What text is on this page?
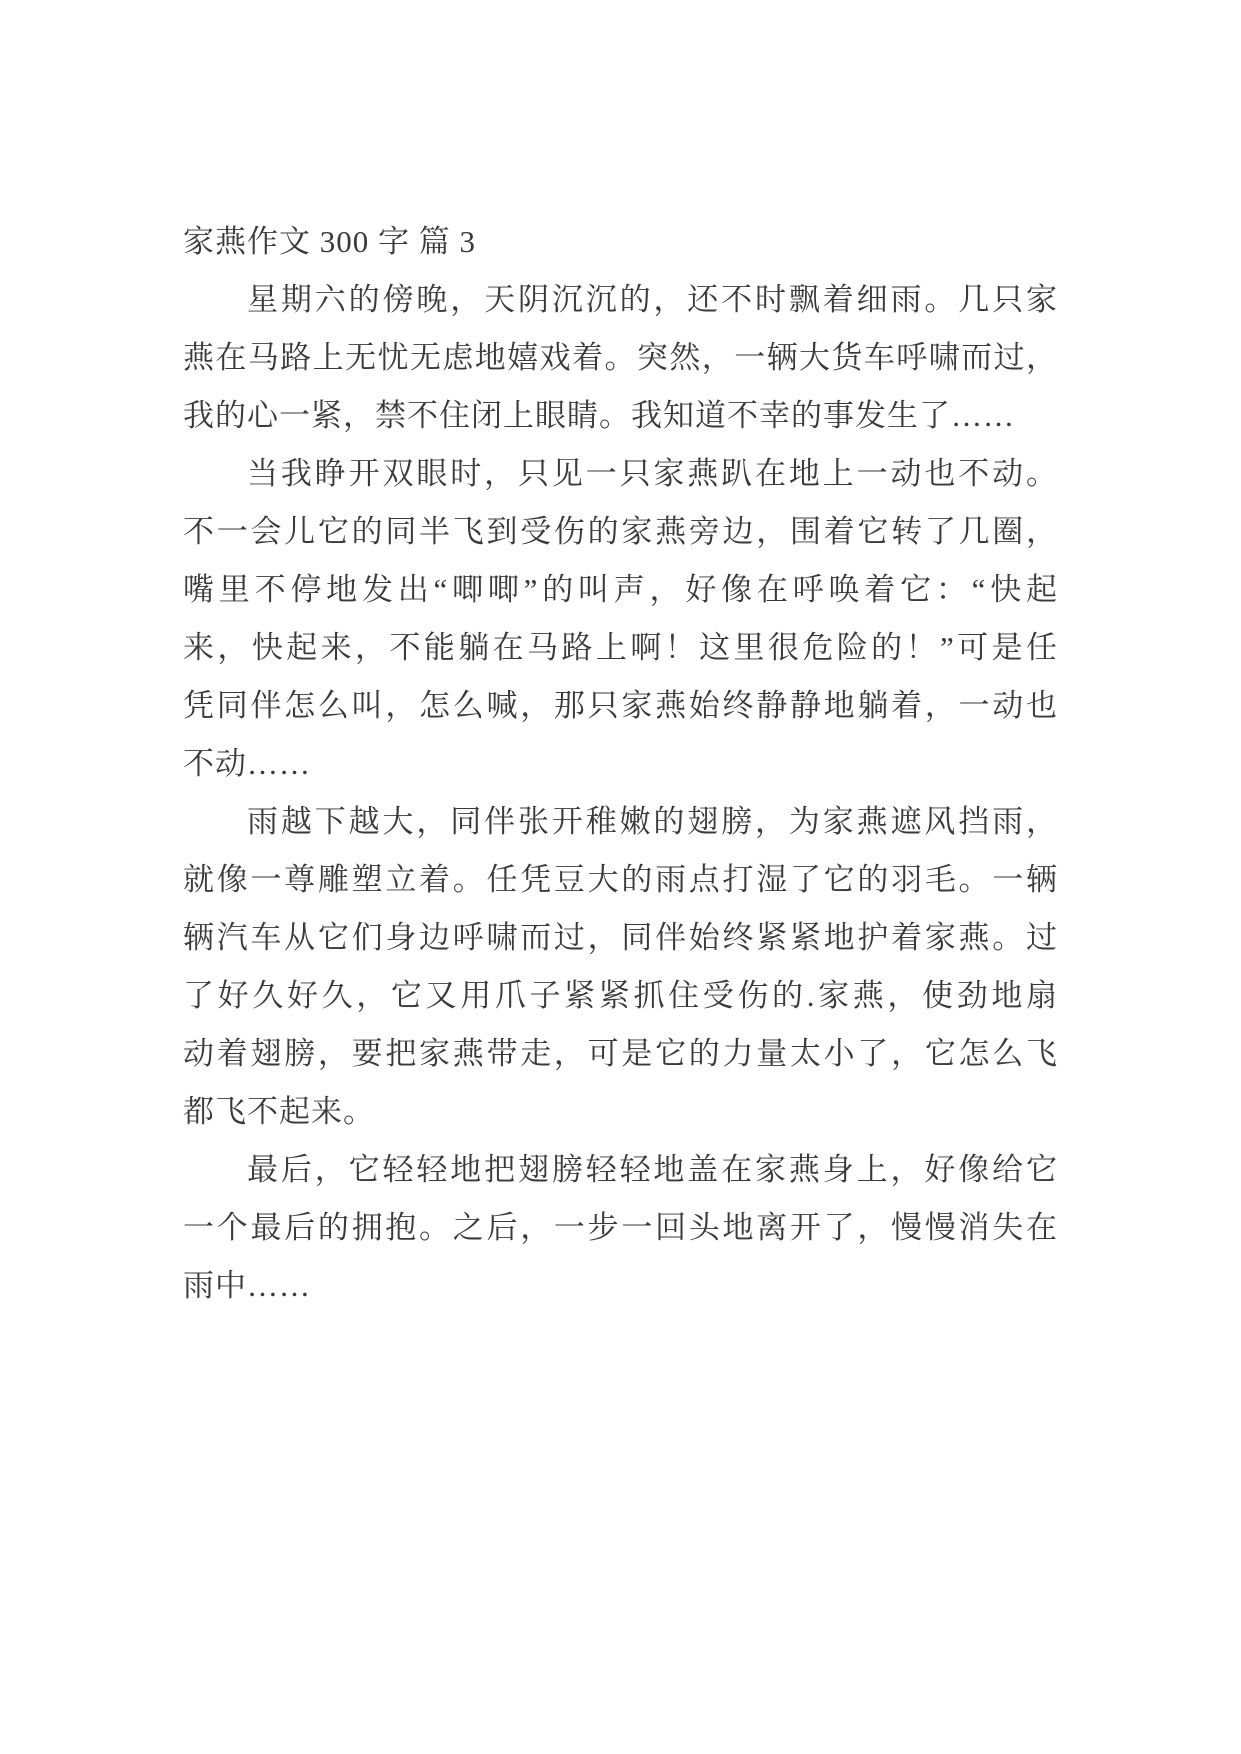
家燕作文 300 字 篇 3
星期六的傍晚，天阴沉沉的，还不时飘着细雨。几只家
燕在马路上无忧无虑地嬉戏着。突然，一辆大货车呼啸而过，
我的心一紧，禁不住闭上眼睛。我知道不幸的事发生了……
当我睁开双眼时，只见一只家燕趴在地上一动也不动。
不一会儿它的同半飞到受伤的家燕旁边，围着它转了几圈，
嘴里不停地发出“唧唧”的叫声，好像在呼唤着它：“快起
来，快起来，不能躺在马路上啊！这里很危险的！”可是任
凭同伴怎么叫，怎么喊，那只家燕始终静静地躺着，一动也
不动……
雨越下越大，同伴张开稚嫩的翅膀，为家燕遮风挡雨，
就像一尊雕塑立着。任凭豆大的雨点打湿了它的羽毛。一辆
辆汽车从它们身边呼啸而过，同伴始终紧紧地护着家燕。过
了好久好久，它又用爪子紧紧抓住受伤的.家燕，使劲地扇
动着翅膀，要把家燕带走，可是它的力量太小了，它怎么飞
都飞不起来。
最后，它轻轻地把翅膀轻轻地盖在家燕身上，好像给它
一个最后的拥抱。之后，一步一回头地离开了，慢慢消失在
雨中……
